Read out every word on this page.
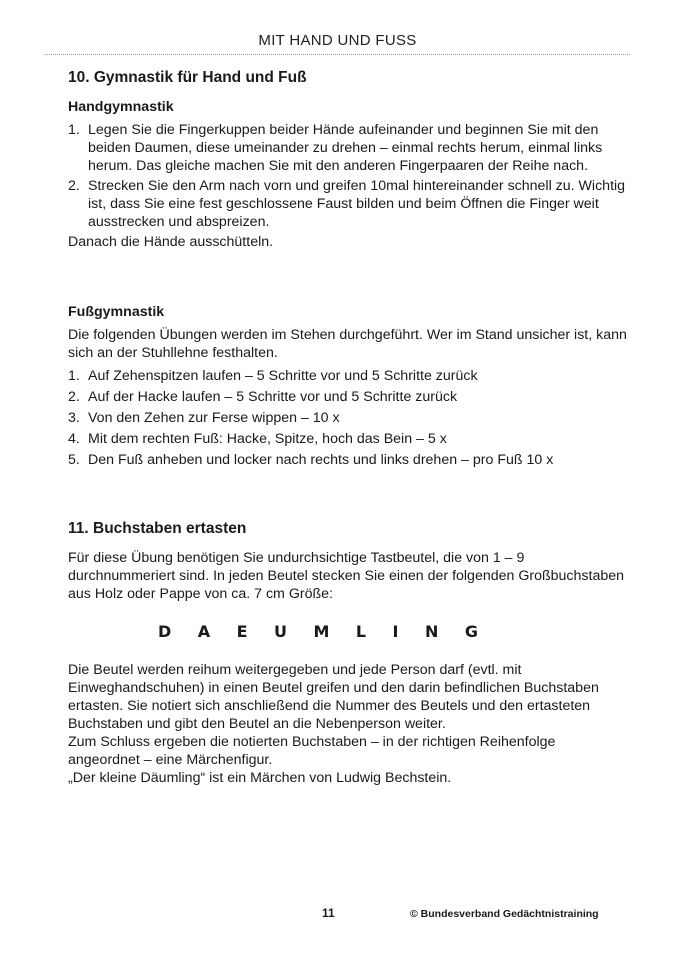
MIT HAND UND FUSS
10. Gymnastik für Hand und Fuß
Handgymnastik
1. Legen Sie die Fingerkuppen beider Hände aufeinander und beginnen Sie mit den beiden Daumen, diese umeinander zu drehen – einmal rechts herum, einmal links herum. Das gleiche machen Sie mit den anderen Fingerpaaren der Reihe nach.
2. Strecken Sie den Arm nach vorn und greifen 10mal hintereinander schnell zu. Wichtig ist, dass Sie eine fest geschlossene Faust bilden und beim Öffnen die Finger weit ausstrecken und abspreizen.

Danach die Hände ausschütteln.

Fußgymnastik

Die folgenden Übungen werden im Stehen durchgeführt. Wer im Stand unsicher ist, kann sich an der Stuhllehne festhalten.

1. Auf Zehenspitzen laufen – 5 Schritte vor und 5 Schritte zurück
2. Auf der Hacke laufen – 5 Schritte vor und 5 Schritte zurück
3. Von den Zehen zur Ferse wippen – 10 x
4. Mit dem rechten Fuß: Hacke, Spitze, hoch das Bein – 5 x
5. Den Fuß anheben und locker nach rechts und links drehen – pro Fuß 10 x
11. Buchstaben ertasten

Für diese Übung benötigen Sie undurchsichtige Tastbeutel, die von 1 – 9 durchnummeriert sind. In jeden Beutel stecken Sie einen der folgenden Großbuchstaben aus Holz oder Pappe von ca. 7 cm Größe:

D A E U M L I N G

Die Beutel werden reihum weitergegeben und jede Person darf (evtl. mit Einweghandschuhen) in einen Beutel greifen und den darin befindlichen Buchstaben ertasten. Sie notiert sich anschließend die Nummer des Beutels und den ertasteten Buchstaben und gibt den Beutel an die Nebenperson weiter.

Zum Schluss ergeben die notierten Buchstaben – in der richtigen Reihenfolge angeordnet – eine Märchenfigur.

„Der kleine Däumling“ ist ein Märchen von Ludwig Bechstein.

11	© Bundesverband Gedächtnistraining
